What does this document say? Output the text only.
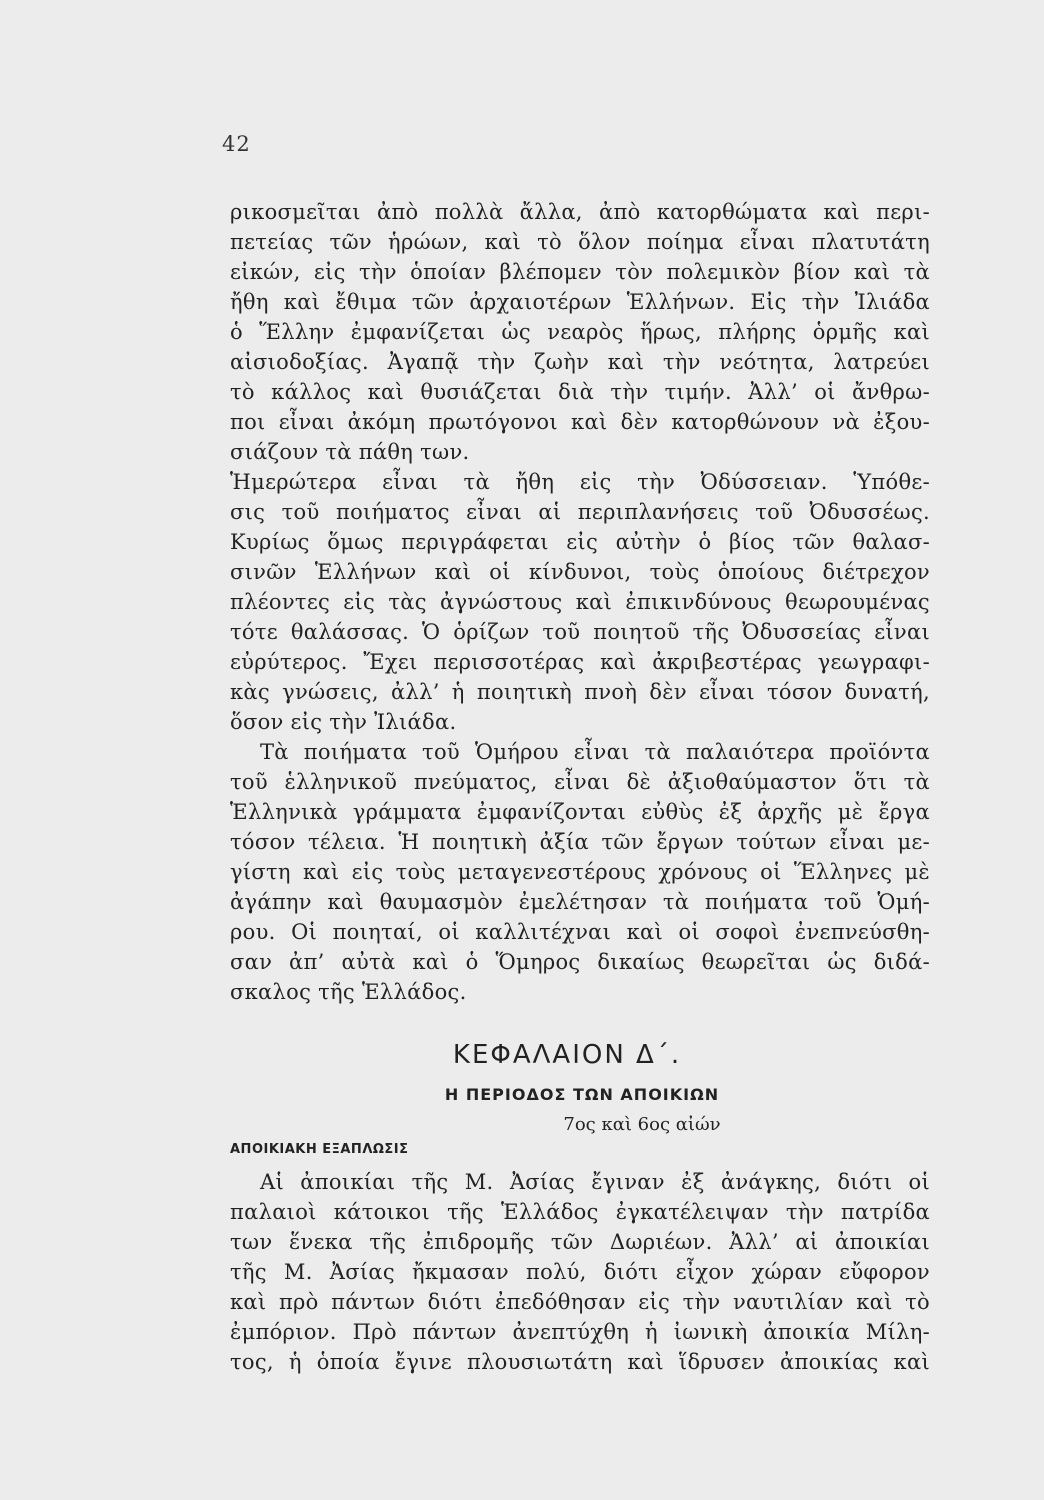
42
ρικοσμεῖται ἀπὸ πολλὰ ἄλλα, ἀπὸ κατορθώματα καὶ περι-
πετείας τῶν ἡρώων, καὶ τὸ ὅλον ποίημα εἶναι πλατυτάτη
εἰκών, εἰς τὴν ὁποίαν βλέπομεν τὸν πολεμικὸν βίον καὶ τὰ
ἤθη καὶ ἔθιμα τῶν ἀρχαιοτέρων Ἑλλήνων. Εἰς τὴν Ἰλιάδα
ὁ Ἕλλην ἐμφανίζεται ὡς νεαρὸς ἥρως, πλήρης ὁρμῆς καὶ
αἰσιοδοξίας. Ἀγαπᾷ τὴν ζωὴν καὶ τὴν νεότητα, λατρεύει
τὸ κάλλος καὶ θυσιάζεται διὰ τὴν τιμήν. Ἀλλ’ οἱ ἄνθρω-
ποι εἶναι ἀκόμη πρωτόγονοι καὶ δὲν κατορθώνουν νὰ ἐξου-
σιάζουν τὰ πάθη των.
Ἡμερώτερα εἶναι τὰ ἤθη εἰς τὴν Ὀδύσσειαν. Ὑπόθε-
σις τοῦ ποιήματος εἶναι αἱ περιπλανήσεις τοῦ Ὀδυσσέως.
Κυρίως ὅμως περιγράφεται εἰς αὐτὴν ὁ βίος τῶν θαλασ-
σινῶν Ἑλλήνων καὶ οἱ κίνδυνοι, τοὺς ὁποίους διέτρεχον
πλέοντες εἰς τὰς ἀγνώστους καὶ ἐπικινδύνους θεωρουμένας
τότε θαλάσσας. Ὁ ὁρίζων τοῦ ποιητοῦ τῆς Ὀδυσσείας εἶναι
εὐρύτερος. Ἔχει περισσοτέρας καὶ ἀκριβεστέρας γεωγραφι-
κὰς γνώσεις, ἀλλ’ ἡ ποιητικὴ πνοὴ δὲν εἶναι τόσον δυνατή,
ὅσον εἰς τὴν Ἰλιάδα.
Τὰ ποιήματα τοῦ Ὁμήρου εἶναι τὰ παλαιότερα προϊόντα
τοῦ ἑλληνικοῦ πνεύματος, εἶναι δὲ ἀξιοθαύμαστον ὅτι τὰ
Ἑλληνικὰ γράμματα ἐμφανίζονται εὐθὺς ἐξ ἀρχῆς μὲ ἔργα
τόσον τέλεια. Ἡ ποιητικὴ ἀξία τῶν ἔργων τούτων εἶναι με-
γίστη καὶ εἰς τοὺς μεταγενεστέρους χρόνους οἱ Ἕλληνες μὲ
ἀγάπην καὶ θαυμασμὸν ἐμελέτησαν τὰ ποιήματα τοῦ Ὁμή-
ρου. Οἱ ποιηταί, οἱ καλλιτέχναι καὶ οἱ σοφοὶ ἐνεπνεύσθη-
σαν ἀπ’ αὐτὰ καὶ ὁ Ὅμηρος δικαίως θεωρεῖται ὡς διδά-
σκαλος τῆς Ἑλλάδος.
ΚΕΦΑΛΑΙΟΝ Δ΄.
Η ΠΕΡΙΟΔΟΣ ΤΩΝ ΑΠΟΙΚΙΩΝ
7ος καὶ 6ος αἰών
ΑΠΟΙΚΙΑΚΗ ΕΞΑΠΛΩΣΙΣ
Αἱ ἀποικίαι τῆς Μ. Ἀσίας ἔγιναν ἐξ ἀνάγκης, διότι οἱ
παλαιοὶ κάτοικοι τῆς Ἑλλάδος ἐγκατέλειψαν τὴν πατρίδα
των ἕνεκα τῆς ἐπιδρομῆς τῶν Δωριέων. Ἀλλ’ αἱ ἀποικίαι
τῆς Μ. Ἀσίας ἤκμασαν πολύ, διότι εἶχον χώραν εὔφορον
καὶ πρὸ πάντων διότι ἐπεδόθησαν εἰς τὴν ναυτιλίαν καὶ τὸ
ἐμπόριον. Πρὸ πάντων ἀνεπτύχθη ἡ ἰωνικὴ ἀποικία Μίλη-
τος, ἡ ὁποία ἔγινε πλουσιωτάτη καὶ ἵδρυσεν ἀποικίας καὶ
